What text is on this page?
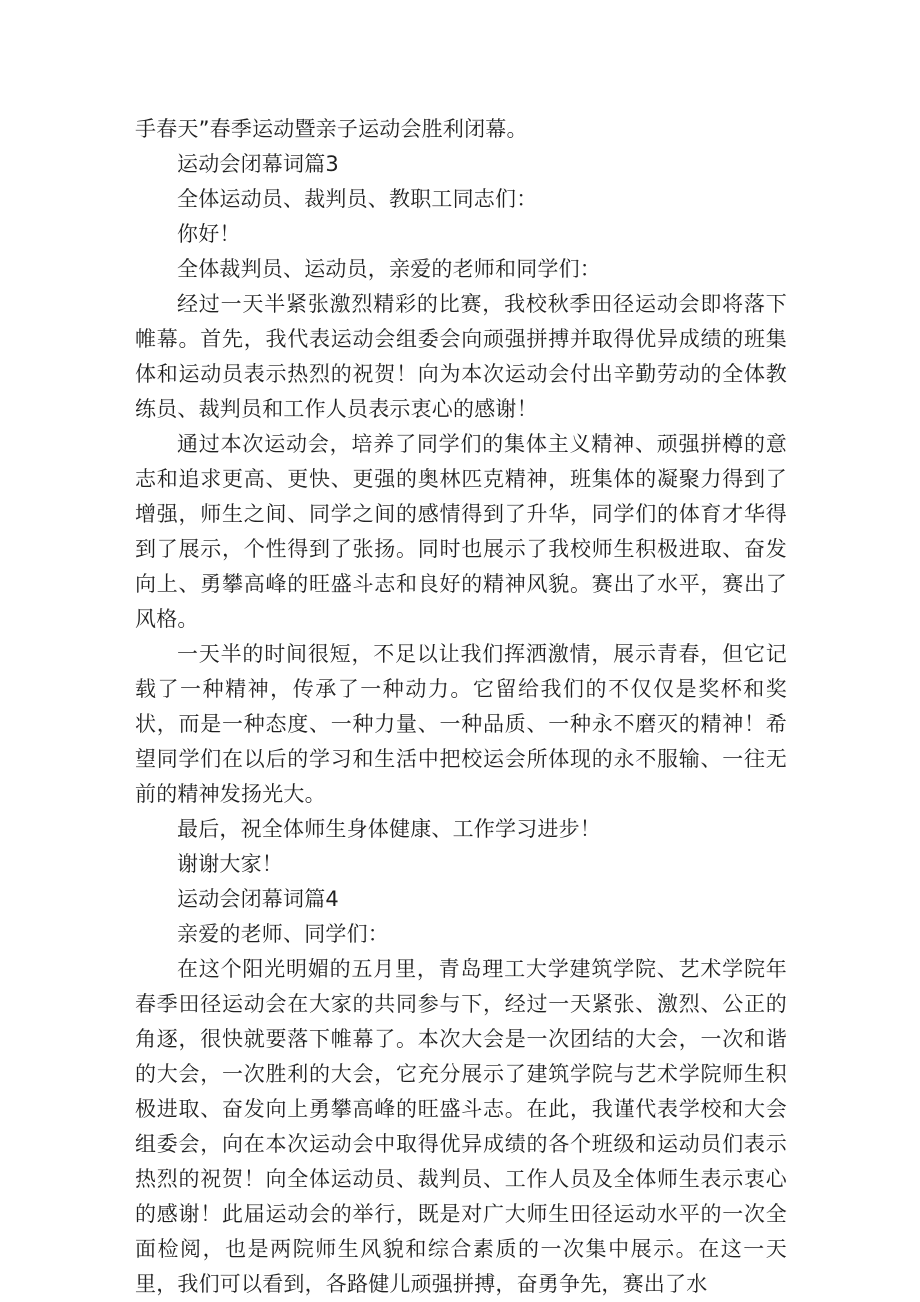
手春天”春季运动暨亲子运动会胜利闭幕。

运动会闭幕词篇3

全体运动员、裁判员、教职工同志们：

你好！

全体裁判员、运动员，亲爱的老师和同学们：

经过一天半紧张激烈精彩的比赛，我校秋季田径运动会即将落下帷幕。首先，我代表运动会组委会向顽强拼搏并取得优异成绩的班集体和运动员表示热烈的祝贺！向为本次运动会付出辛勤劳动的全体教练员、裁判员和工作人员表示衷心的感谢！

通过本次运动会，培养了同学们的集体主义精神、顽强拼樽的意志和追求更高、更快、更强的奥林匹克精神，班集体的凝聚力得到了增强，师生之间、同学之间的感情得到了升华，同学们的体育才华得到了展示，个性得到了张扬。同时也展示了我校师生积极进取、奋发向上、勇攀高峰的旺盛斗志和良好的精神风貌。赛出了水平，赛出了风格。

一天半的时间很短，不足以让我们挥洒激情，展示青春，但它记载了一种精神，传承了一种动力。它留给我们的不仅仅是奖杯和奖状，而是一种态度、一种力量、一种品质、一种永不磨灭的精神！希望同学们在以后的学习和生活中把校运会所体现的永不服输、一往无前的精神发扬光大。

最后，祝全体师生身体健康、工作学习进步！

谢谢大家！

运动会闭幕词篇4

亲爱的老师、同学们：

在这个阳光明媚的五月里，青岛理工大学建筑学院、艺术学院年春季田径运动会在大家的共同参与下，经过一天紧张、激烈、公正的角逐，很快就要落下帷幕了。本次大会是一次团结的大会，一次和谐的大会，一次胜利的大会，它充分展示了建筑学院与艺术学院师生积极进取、奋发向上勇攀高峰的旺盛斗志。在此，我谨代表学校和大会组委会，向在本次运动会中取得优异成绩的各个班级和运动员们表示热烈的祝贺！向全体运动员、裁判员、工作人员及全体师生表示衷心的感谢！此届运动会的举行，既是对广大师生田径运动水平的一次全面检阅，也是两院师生风貌和综合素质的一次集中展示。在这一天里，我们可以看到，各路健儿顽强拼搏，奋勇争先，赛出了水
